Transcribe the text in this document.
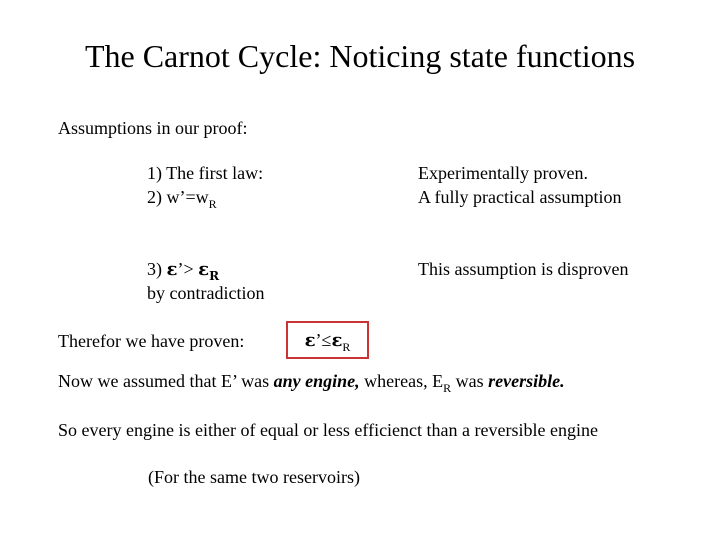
The Carnot Cycle: Noticing state functions
Assumptions in our proof:
1) The first law:
2) $w’=w_R$
Experimentally proven.
A fully practical assumption
3) ε’> $\varepsilon_R$
by contradiction
This assumption is disproven
Therefor we have proven:	$\varepsilon’\le\varepsilon_R$
Now we assumed that E’ was any engine, whereas, $E_R$ was reversible.
So every engine is either of equal or less efficienct than a reversible engine
(For the same two reservoirs)
